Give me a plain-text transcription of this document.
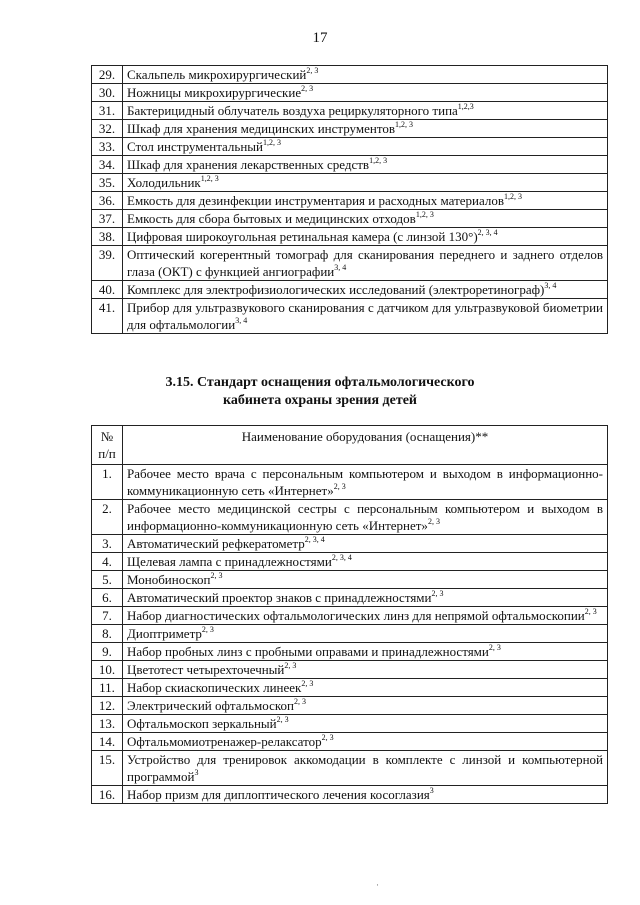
17
29.	Скальпель микрохирургический$^{2, 3}$
30.	Ножницы микрохирургические$^{2, 3}$
31.	Бактерицидный облучатель воздуха рециркуляторного типа$^{1,2,3}$
32.	Шкаф для хранения медицинских инструментов$^{1,2, 3}$
33.	Стол инструментальный$^{1,2, 3}$
34.	Шкаф для хранения лекарственных средств$^{1,2, 3}$
35.	Холодильник$^{1,2, 3}$
36.	Емкость для дезинфекции инструментария и расходных материалов$^{1,2, 3}$
37.	Емкость для сбора бытовых и медицинских отходов$^{1,2, 3}$
38.	Цифровая широкоугольная ретинальная камера (с линзой 130°)$^{2, 3, 4}$
39.	Оптический когерентный томограф для сканирования переднего и заднего отделов глаза (ОКТ) с функцией ангиографии$^{3, 4}$
40.	Комплекс для электрофизиологических исследований (электроретинограф)$^{3, 4}$
41.	Прибор для ультразвукового сканирования с датчиком для ультразвуковой биометрии для офтальмологии$^{3, 4}$
3.15. Стандарт оснащения офтальмологического
кабинета охраны зрения детей
№ п/п	Наименование оборудования (оснащения)**
1.	Рабочее место врача с персональным компьютером и выходом в информационно-коммуникационную сеть «Интернет»$^{2, 3}$
2.	Рабочее место медицинской сестры с персональным компьютером и выходом в информационно-коммуникационную сеть «Интернет»$^{2, 3}$
3.	Автоматический рефкератометр$^{2, 3, 4}$
4.	Щелевая лампа с принадлежностями$^{2, 3, 4}$
5.	Монобиноскоп$^{2, 3}$
6.	Автоматический проектор знаков с принадлежностями$^{2, 3}$
7.	Набор диагностических офтальмологических линз для непрямой офтальмоскопии$^{2, 3}$
8.	Диоптриметр$^{2, 3}$
9.	Набор пробных линз с пробными оправами и принадлежностями$^{2, 3}$
10.	Цветотест четырехточечный$^{2, 3}$
11.	Набор скиаскопических линеек$^{2, 3}$
12.	Электрический офтальмоскоп$^{2, 3}$
13.	Офтальмоскоп зеркальный$^{2, 3}$
14.	Офтальмомиотренажер-релаксатор$^{2, 3}$
15.	Устройство для тренировок аккомодации в комплекте с линзой и компьютерной программой$^3$
16.	Набор призм для диплоптического лечения косоглазия$^3$
·
